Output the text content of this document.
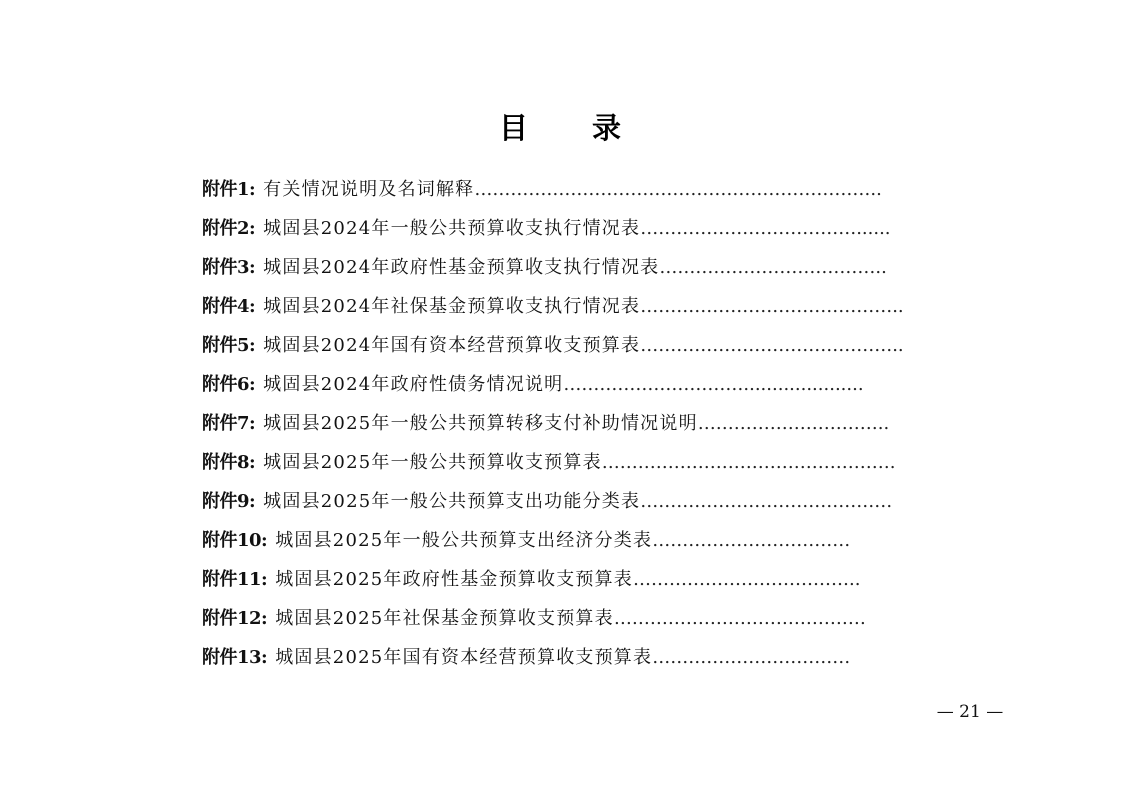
目　　录
附件1: 有关情况说明及名词解释…………………………………………………………..
附件2: 城固县2024年一般公共预算收支执行情况表………………………………......
附件3: 城固县2024年政府性基金预算收支执行情况表………………………………..
附件4: 城固县2024年社保基金预算收支执行情况表……………………………………..
附件5: 城固县2024年国有资本经营预算收支预算表……………………………………..
附件6: 城固县2024年政府性债务情况说明………………………….....................
附件7: 城固县2025年一般公共预算转移支付补助情况说明…………………………..
附件8: 城固县2025年一般公共预算收支预算表………………………………………….
附件9: 城固县2025年一般公共预算支出功能分类表……………………………………
附件10: 城固县2025年一般公共预算支出经济分类表……………………………
附件11: 城固县2025年政府性基金预算收支预算表………………………………..
附件12: 城固县2025年社保基金预算收支预算表……………………………………
附件13: 城固县2025年国有资本经营预算收支预算表……………………………
— 21 —
